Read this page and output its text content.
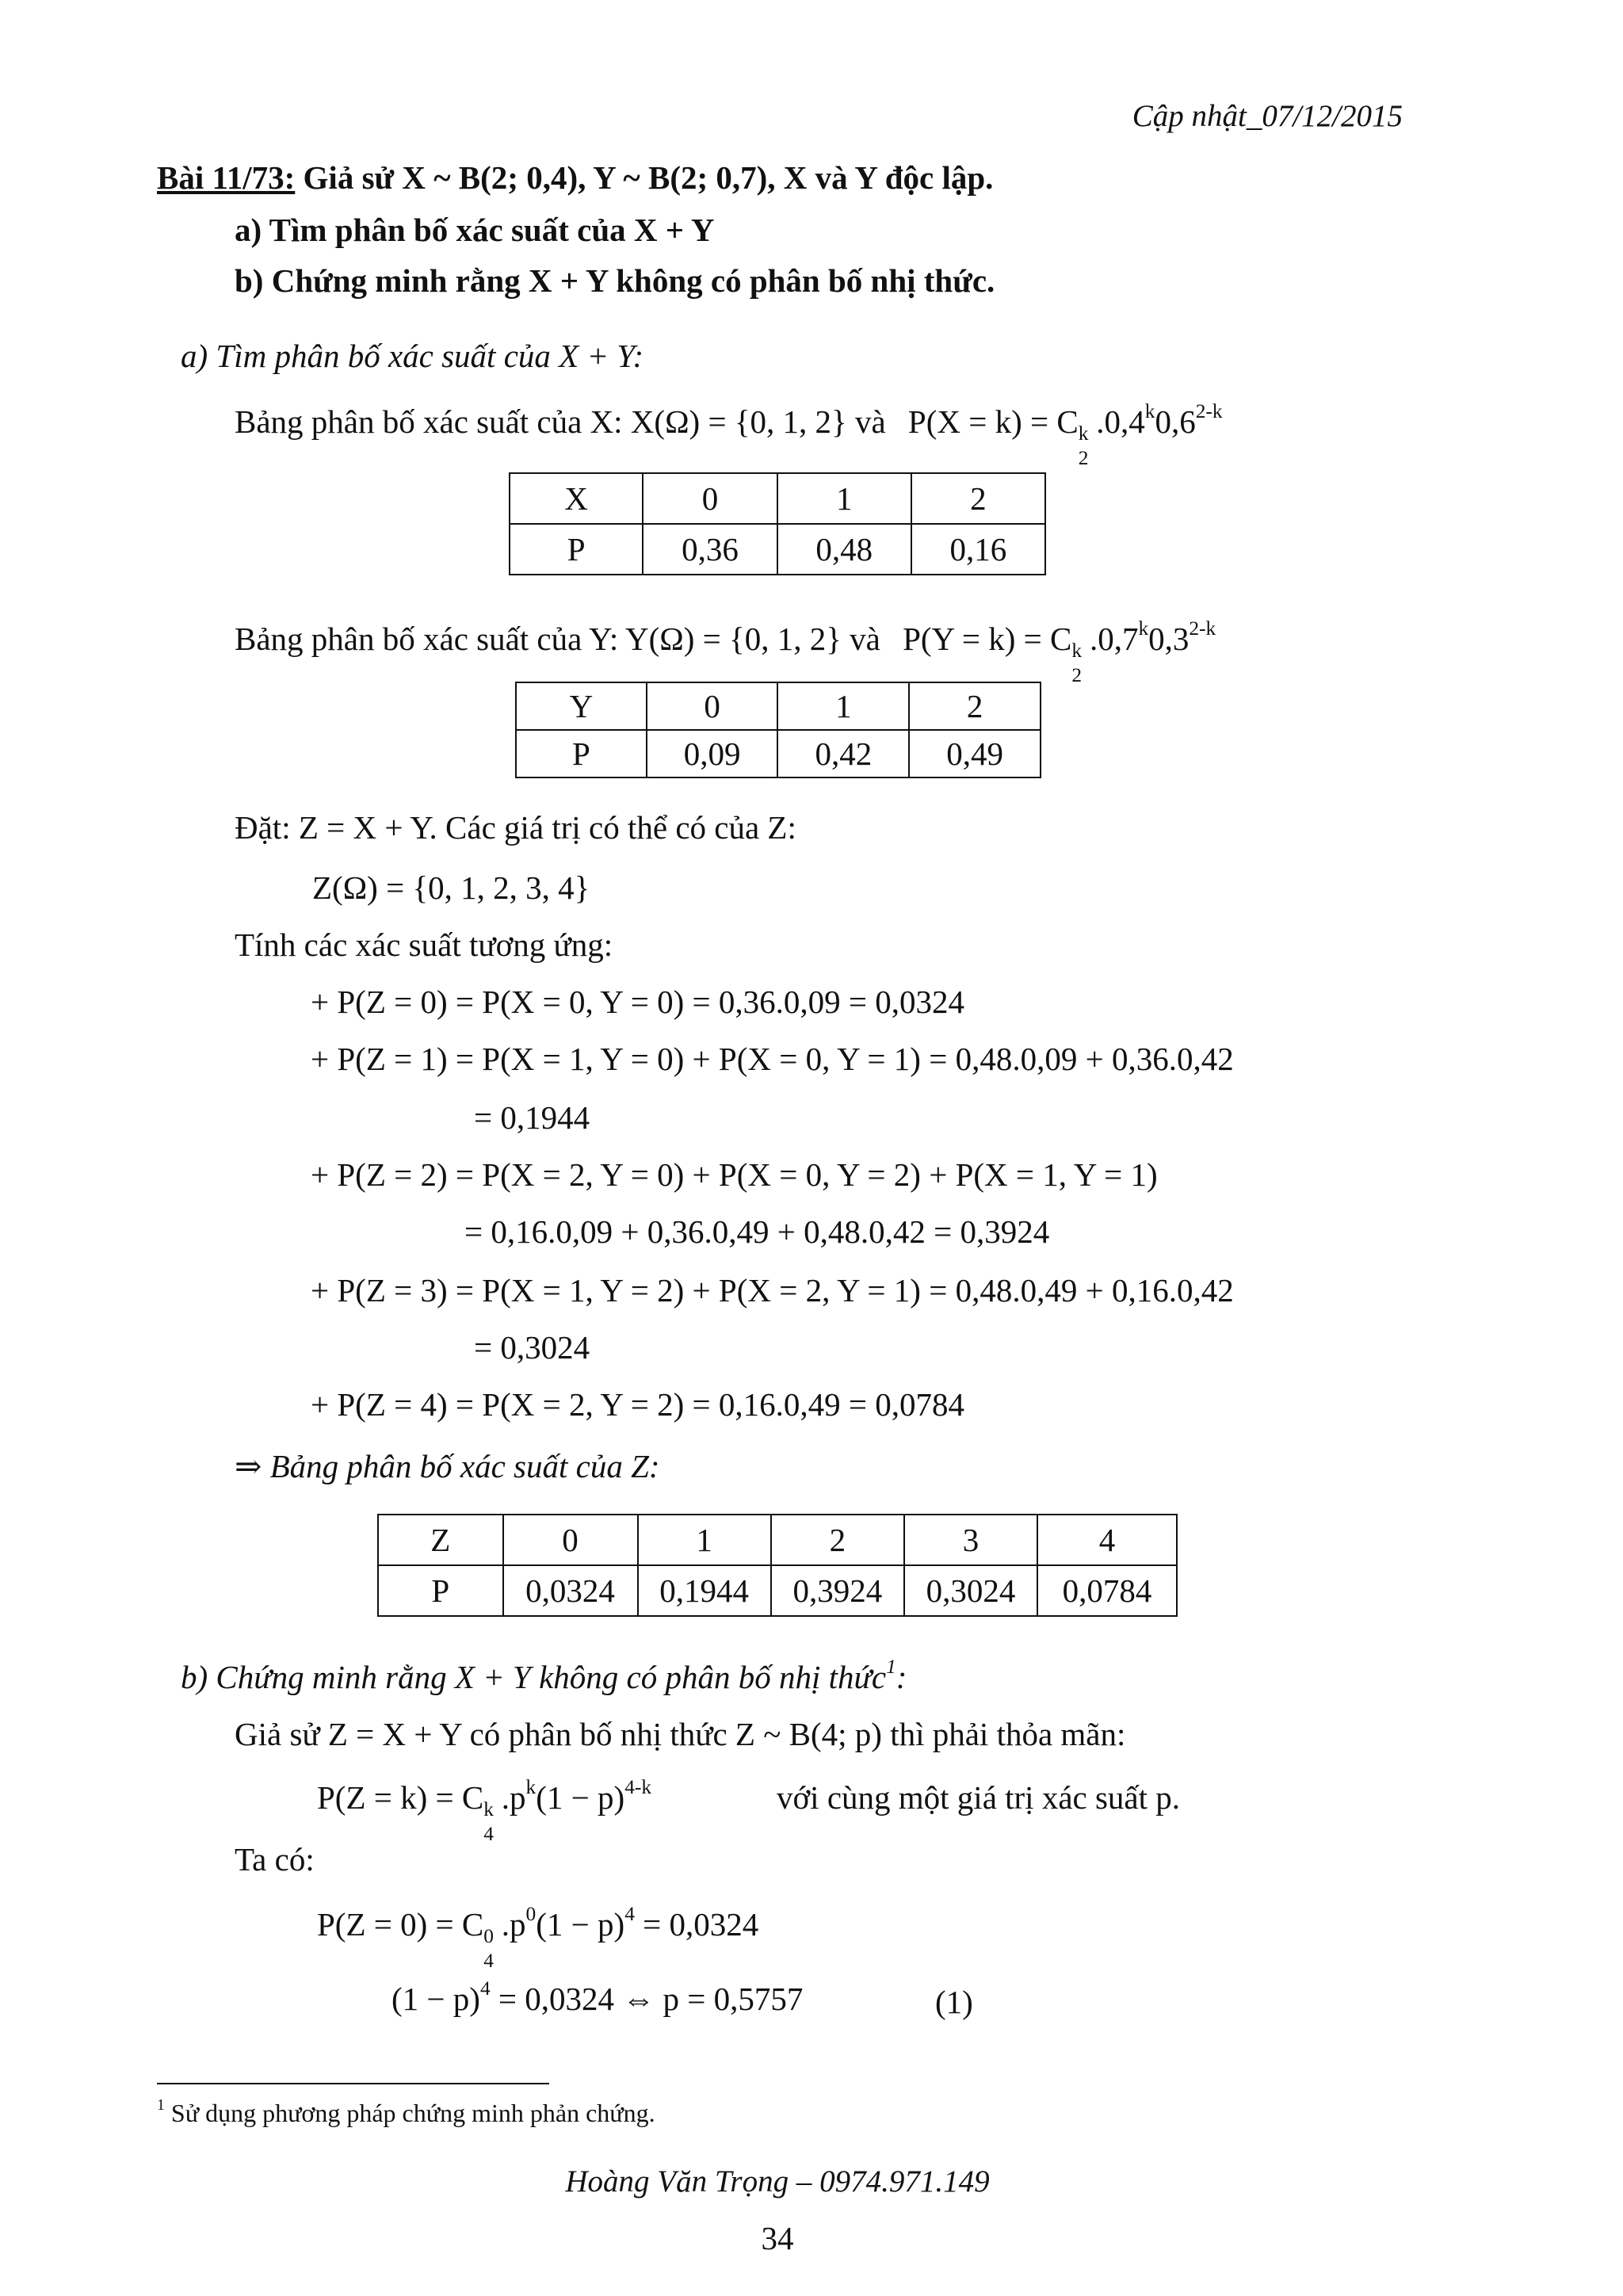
Cập nhật_07/12/2015
Bài 11/73: Giả sử X ~ B(2; 0,4), Y ~ B(2; 0,7), X và Y độc lập.
a) Tìm phân bố xác suất của X + Y
b) Chứng minh rằng X + Y không có phân bố nhị thức.
a) Tìm phân bố xác suất của X + Y:
Bảng phân bố xác suất của X: X(Ω) = {0, 1, 2} và P(X = k) = C k
2
.0,4$^k$0,6$^{2-k}$
X	0	1	2
P	0,36	0,48	0,16
Bảng phân bố xác suất của Y: Y(Ω) = {0, 1, 2} và P(Y = k) = C k
2
.0,7$^k$0,3$^{2-k}$
Y	0	1	2
P	0,09	0,42	0,49
Đặt: Z = X + Y. Các giá trị có thể có của Z:
Z(Ω) = {0, 1, 2, 3, 4}
Tính các xác suất tương ứng:
+ P(Z = 0) = P(X = 0, Y = 0) = 0,36.0,09 = 0,0324
+ P(Z = 1) = P(X = 1, Y = 0) + P(X = 0, Y = 1) = 0,48.0,09 + 0,36.0,42
= 0,1944
+ P(Z = 2) = P(X = 2, Y = 0) + P(X = 0, Y = 2) + P(X = 1, Y = 1)
= 0,16.0,09 + 0,36.0,49 + 0,48.0,42 = 0,3924
+ P(Z = 3) = P(X = 1, Y = 2) + P(X = 2, Y = 1) = 0,48.0,49 + 0,16.0,42
= 0,3024
+ P(Z = 4) = P(X = 2, Y = 2) = 0,16.0,49 = 0,0784
⇒ Bảng phân bố xác suất của Z:
Z	0	1	2	3	4
P	0,0324	0,1944	0,3924	0,3024	0,0784
b) Chứng minh rằng X + Y không có phân bố nhị thức$^1$:
Giả sử Z = X + Y có phân bố nhị thức Z ~ B(4; p) thì phải thỏa mãn:
P(Z = k) = C k
4
$.p^k(1 - p)^{4-k}$	với cùng một giá trị xác suất p.
Ta có:
P(Z = 0) = C 0
4
$.p^0(1 - p)^4 = 0,0324$
$(1 - p)^4 = 0,0324$ ⇔ p = 0,5757	(1)
$^1$ Sử dụng phương pháp chứng minh phản chứng.
Hoàng Văn Trọng – 0974.971.149
34
